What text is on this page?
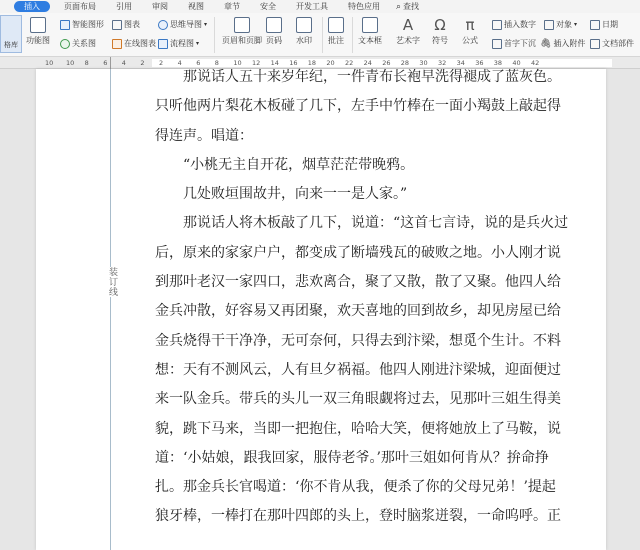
插入	页面布局	引用	审阅	视图	章节	安全	开发工具	特色应用	⌕ 查找
格库 功能图
智能图形	图表	思维导图 ▾
关系图	在线图表 流程图 ▾	页眉和页脚 页码 水印 批注 文本框
A
艺术字
Ω
符号
π
公式
插入数字	对象 ▾	日期
首字下沉 🖇 插入附件 文档部件
10 10 8 6 4 2 2 4 6 8 10 12 14 16 18 20 22 24 26 28 30 32 34 36 38 40 42
装订线

那说话人五十来岁年纪，一件青布长袍早洗得褪成了蓝灰色。

只听他两片梨花木板碰了几下，左手中竹棒在一面小羯鼓上敲起得

得连声。唱道：

“小桃无主自开花，烟草茫茫带晚鸦。

几处败垣围故井，向来一一是人家。”

那说话人将木板敲了几下，说道：“这首七言诗，说的是兵火过

后，原来的家家户户，都变成了断墙残瓦的破败之地。小人刚才说

到那叶老汉一家四口，悲欢离合，聚了又散，散了又聚。他四人给

金兵冲散，好容易又再团聚，欢天喜地的回到故乡，却见房屋已给

金兵烧得干干净净，无可奈何，只得去到汴梁，想觅个生计。不料

想：天有不测风云，人有旦夕祸福。他四人刚进汴梁城，迎面便过

来一队金兵。带兵的头儿一双三角眼觑将过去，见那叶三姐生得美

貌，跳下马来，当即一把抱住，哈哈大笑，便将她放上了马鞍，说

道：‘小姑娘，跟我回家，服侍老爷。’那叶三姐如何肯从？拚命挣

扎。那金兵长官喝道：‘你不肯从我，便杀了你的父母兄弟！’提起

狼牙棒，一棒打在那叶四郎的头上，登时脑浆迸裂，一命呜呼。正
